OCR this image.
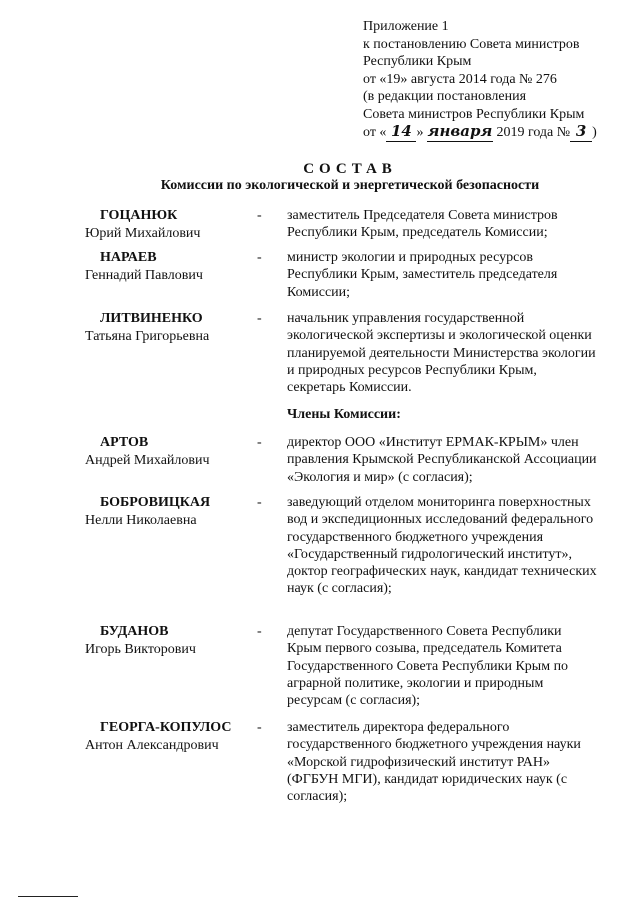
Приложение 1
к постановлению Совета министров
Республики Крым
от «19» августа 2014 года № 276
(в редакции постановления
Совета министров Республики Крым
от « 14 » января 2019 года № 3 )
СОСТАВ
Комиссии по экологической и энергетической безопасности
ГОЦАНЮК
Юрий Михайлович
- заместитель Председателя Совета министров Республики Крым, председатель Комиссии;
НАРАЕВ
Геннадий Павлович
- министр экологии и природных ресурсов Республики Крым, заместитель председателя Комиссии;
ЛИТВИНЕНКО
Татьяна Григорьевна
- начальник управления государственной экологической экспертизы и экологической оценки планируемой деятельности Министерства экологии и природных ресурсов Республики Крым, секретарь Комиссии.
Члены Комиссии:
АРТОВ
Андрей Михайлович
- директор ООО «Институт ЕРМАК-КРЫМ» член правления Крымской Республиканской Ассоциации «Экология и мир» (с согласия);
БОБРОВИЦКАЯ
Нелли Николаевна
- заведующий отделом мониторинга поверхностных вод и экспедиционных исследований федерального государственного бюджетного учреждения «Государственный гидрологический институт», доктор географических наук, кандидат технических наук (с согласия);
БУДАНОВ
Игорь Викторович
- депутат Государственного Совета Республики Крым первого созыва, председатель Комитета Государственного Совета Республики Крым по аграрной политике, экологии и природным ресурсам (с согласия);
ГЕОРГА-КОПУЛОС
Антон Александрович
- заместитель директора федерального государственного бюджетного учреждения науки «Морской гидрофизический институт РАН» (ФГБУН МГИ), кандидат юридических наук (с согласия);
